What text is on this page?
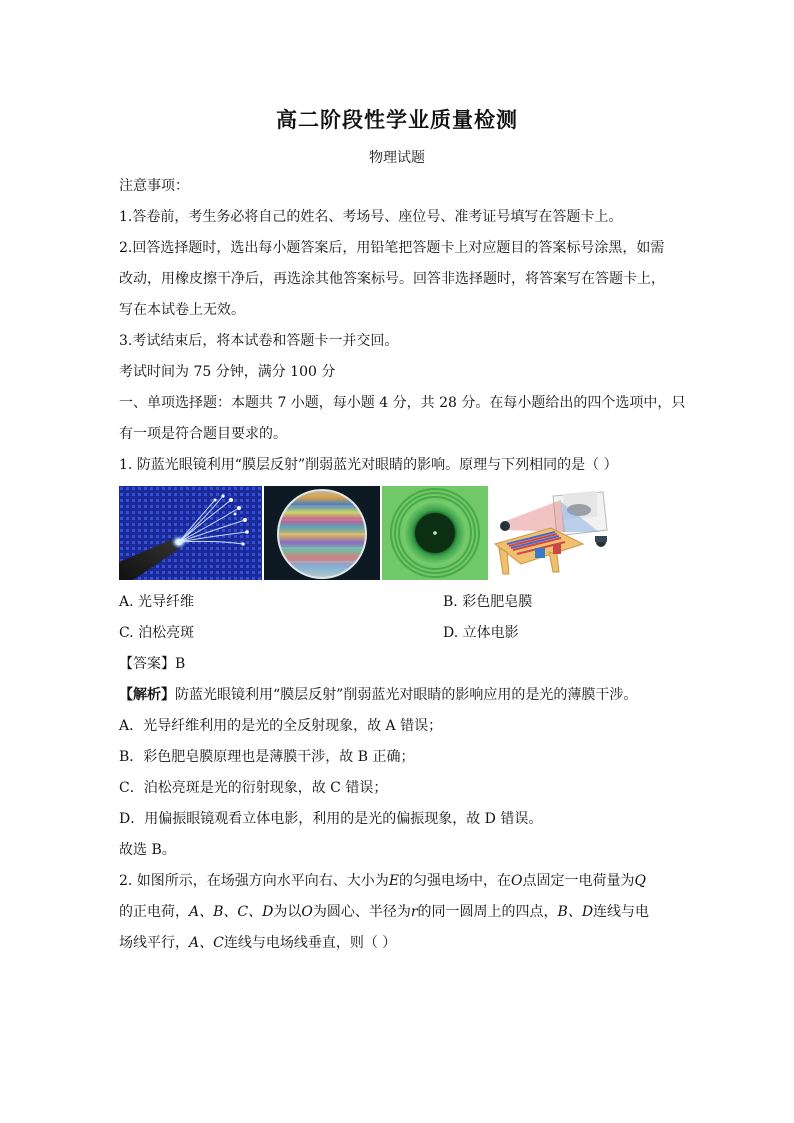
高二阶段性学业质量检测
物理试题
注意事项：
1.答卷前，考生务必将自己的姓名、考场号、座位号、准考证号填写在答题卡上。
2.回答选择题时，选出每小题答案后，用铅笔把答题卡上对应题目的答案标号涂黑，如需
改动，用橡皮擦干净后，再选涂其他答案标号。回答非选择题时，将答案写在答题卡上，
写在本试卷上无效。
3.考试结束后，将本试卷和答题卡一并交回。
考试时间为 75 分钟，满分 100 分
一、单项选择题：本题共 7 小题，每小题 4 分，共 28 分。在每小题给出的四个选项中，只
有一项是符合题目要求的。
1. 防蓝光眼镜利用“膜层反射”削弱蓝光对眼睛的影响。原理与下列相同的是（ ）
A. 光导纤维	B. 彩色肥皂膜
C. 泊松亮斑	D. 立体电影
【答案】B
【解析】防蓝光眼镜利用“膜层反射”削弱蓝光对眼睛的影响应用的是光的薄膜干涉。
A．光导纤维利用的是光的全反射现象，故 A 错误；
B．彩色肥皂膜原理也是薄膜干涉，故 B 正确；
C．泊松亮斑是光的衍射现象，故 C 错误；
D．用偏振眼镜观看立体电影，利用的是光的偏振现象，故 D 错误。
故选 B。
2. 如图所示，在场强方向水平向右、大小为E的匀强电场中，在O点固定一电荷量为Q
的正电荷，A、B、C、D为以O为圆心、半径为r的同一圆周上的四点，B、D连线与电
场线平行，A、C连线与电场线垂直，则（ ）
